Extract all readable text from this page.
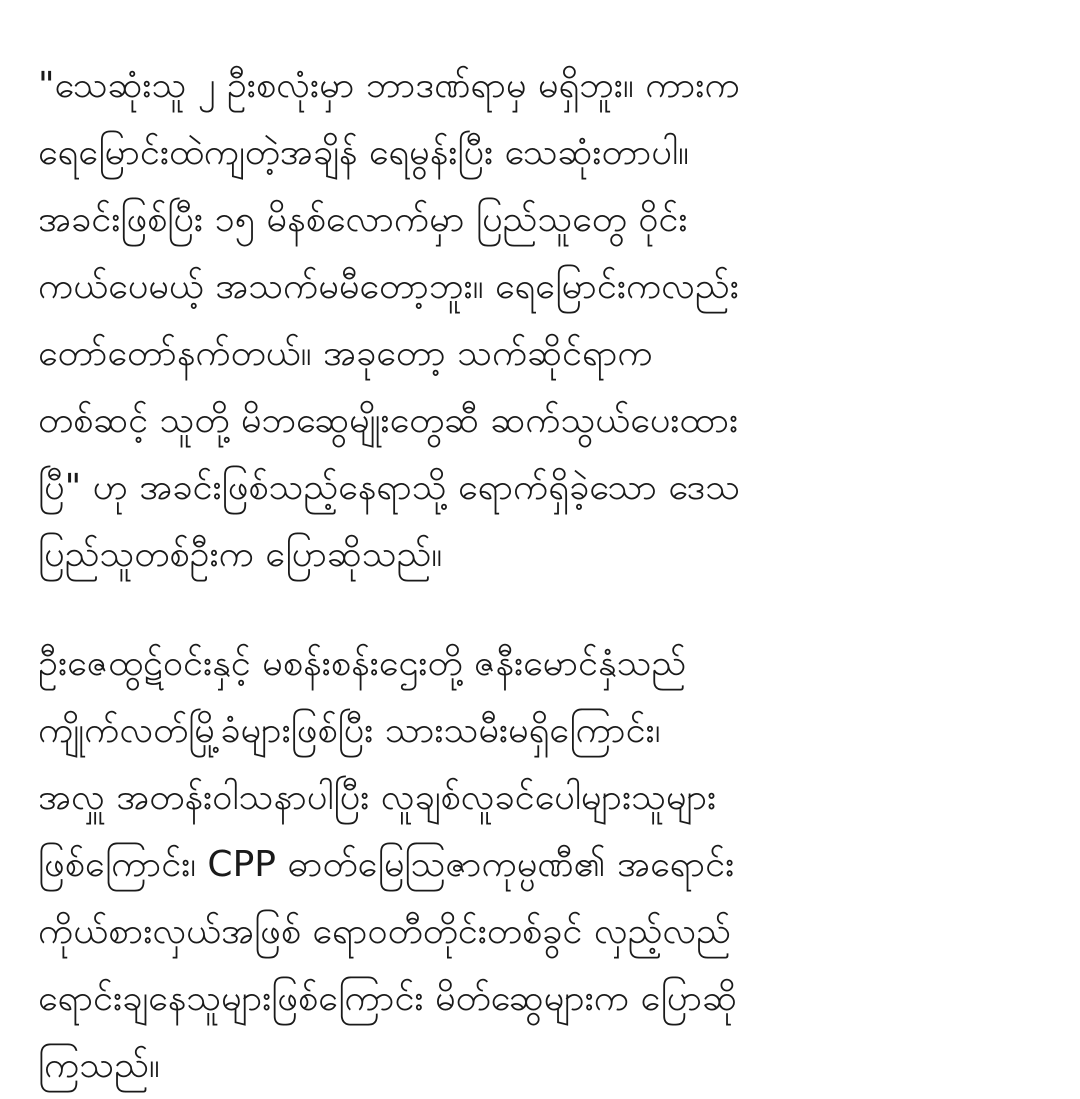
"သေဆုံးသူ ၂ ဦးစလုံးမှာ ဘာဒဏ်ရာမှ မရှိဘူး။ ကားက
ရေမြောင်းထဲကျတဲ့အချိန် ရေမွန်းပြီး သေဆုံးတာပါ။
အခင်းဖြစ်ပြီး ၁၅ မိနစ်လောက်မှာ ပြည်သူတွေ ဝိုင်း
ကယ်ပေမယ့် အသက်မမီတော့ဘူး။ ရေမြောင်းကလည်း
တော်တော်နက်တယ်။ အခုတော့ သက်ဆိုင်ရာက
တစ်ဆင့် သူတို့ မိဘဆွေမျိုးတွေဆီ ဆက်သွယ်ပေးထား
ပြီ" ဟု အခင်းဖြစ်သည့်နေရာသို့ ရောက်ရှိခဲ့သော ဒေသ
ပြည်သူတစ်ဦးက ပြောဆိုသည်။

ဦးဇေထွဋ်ဝင်းနှင့် မစန်းစန်းဌေးတို့ ဇနီးမောင်နှံသည်
ကျိုက်လတ်မြို့ခံများဖြစ်ပြီး သားသမီးမရှိကြောင်း၊
အလှူ အတန်းဝါသနာပါပြီး လူချစ်လူခင်ပေါများသူများ
ဖြစ်ကြောင်း၊ CPP ဓာတ်မြေသြဇာကုမ္ပဏီ၏ အရောင်း
ကိုယ်စားလှယ်အဖြစ် ရောဝတီတိုင်းတစ်ခွင် လှည့်လည်
ရောင်းချနေသူများဖြစ်ကြောင်း မိတ်ဆွေများက ပြောဆို
ကြသည်။
